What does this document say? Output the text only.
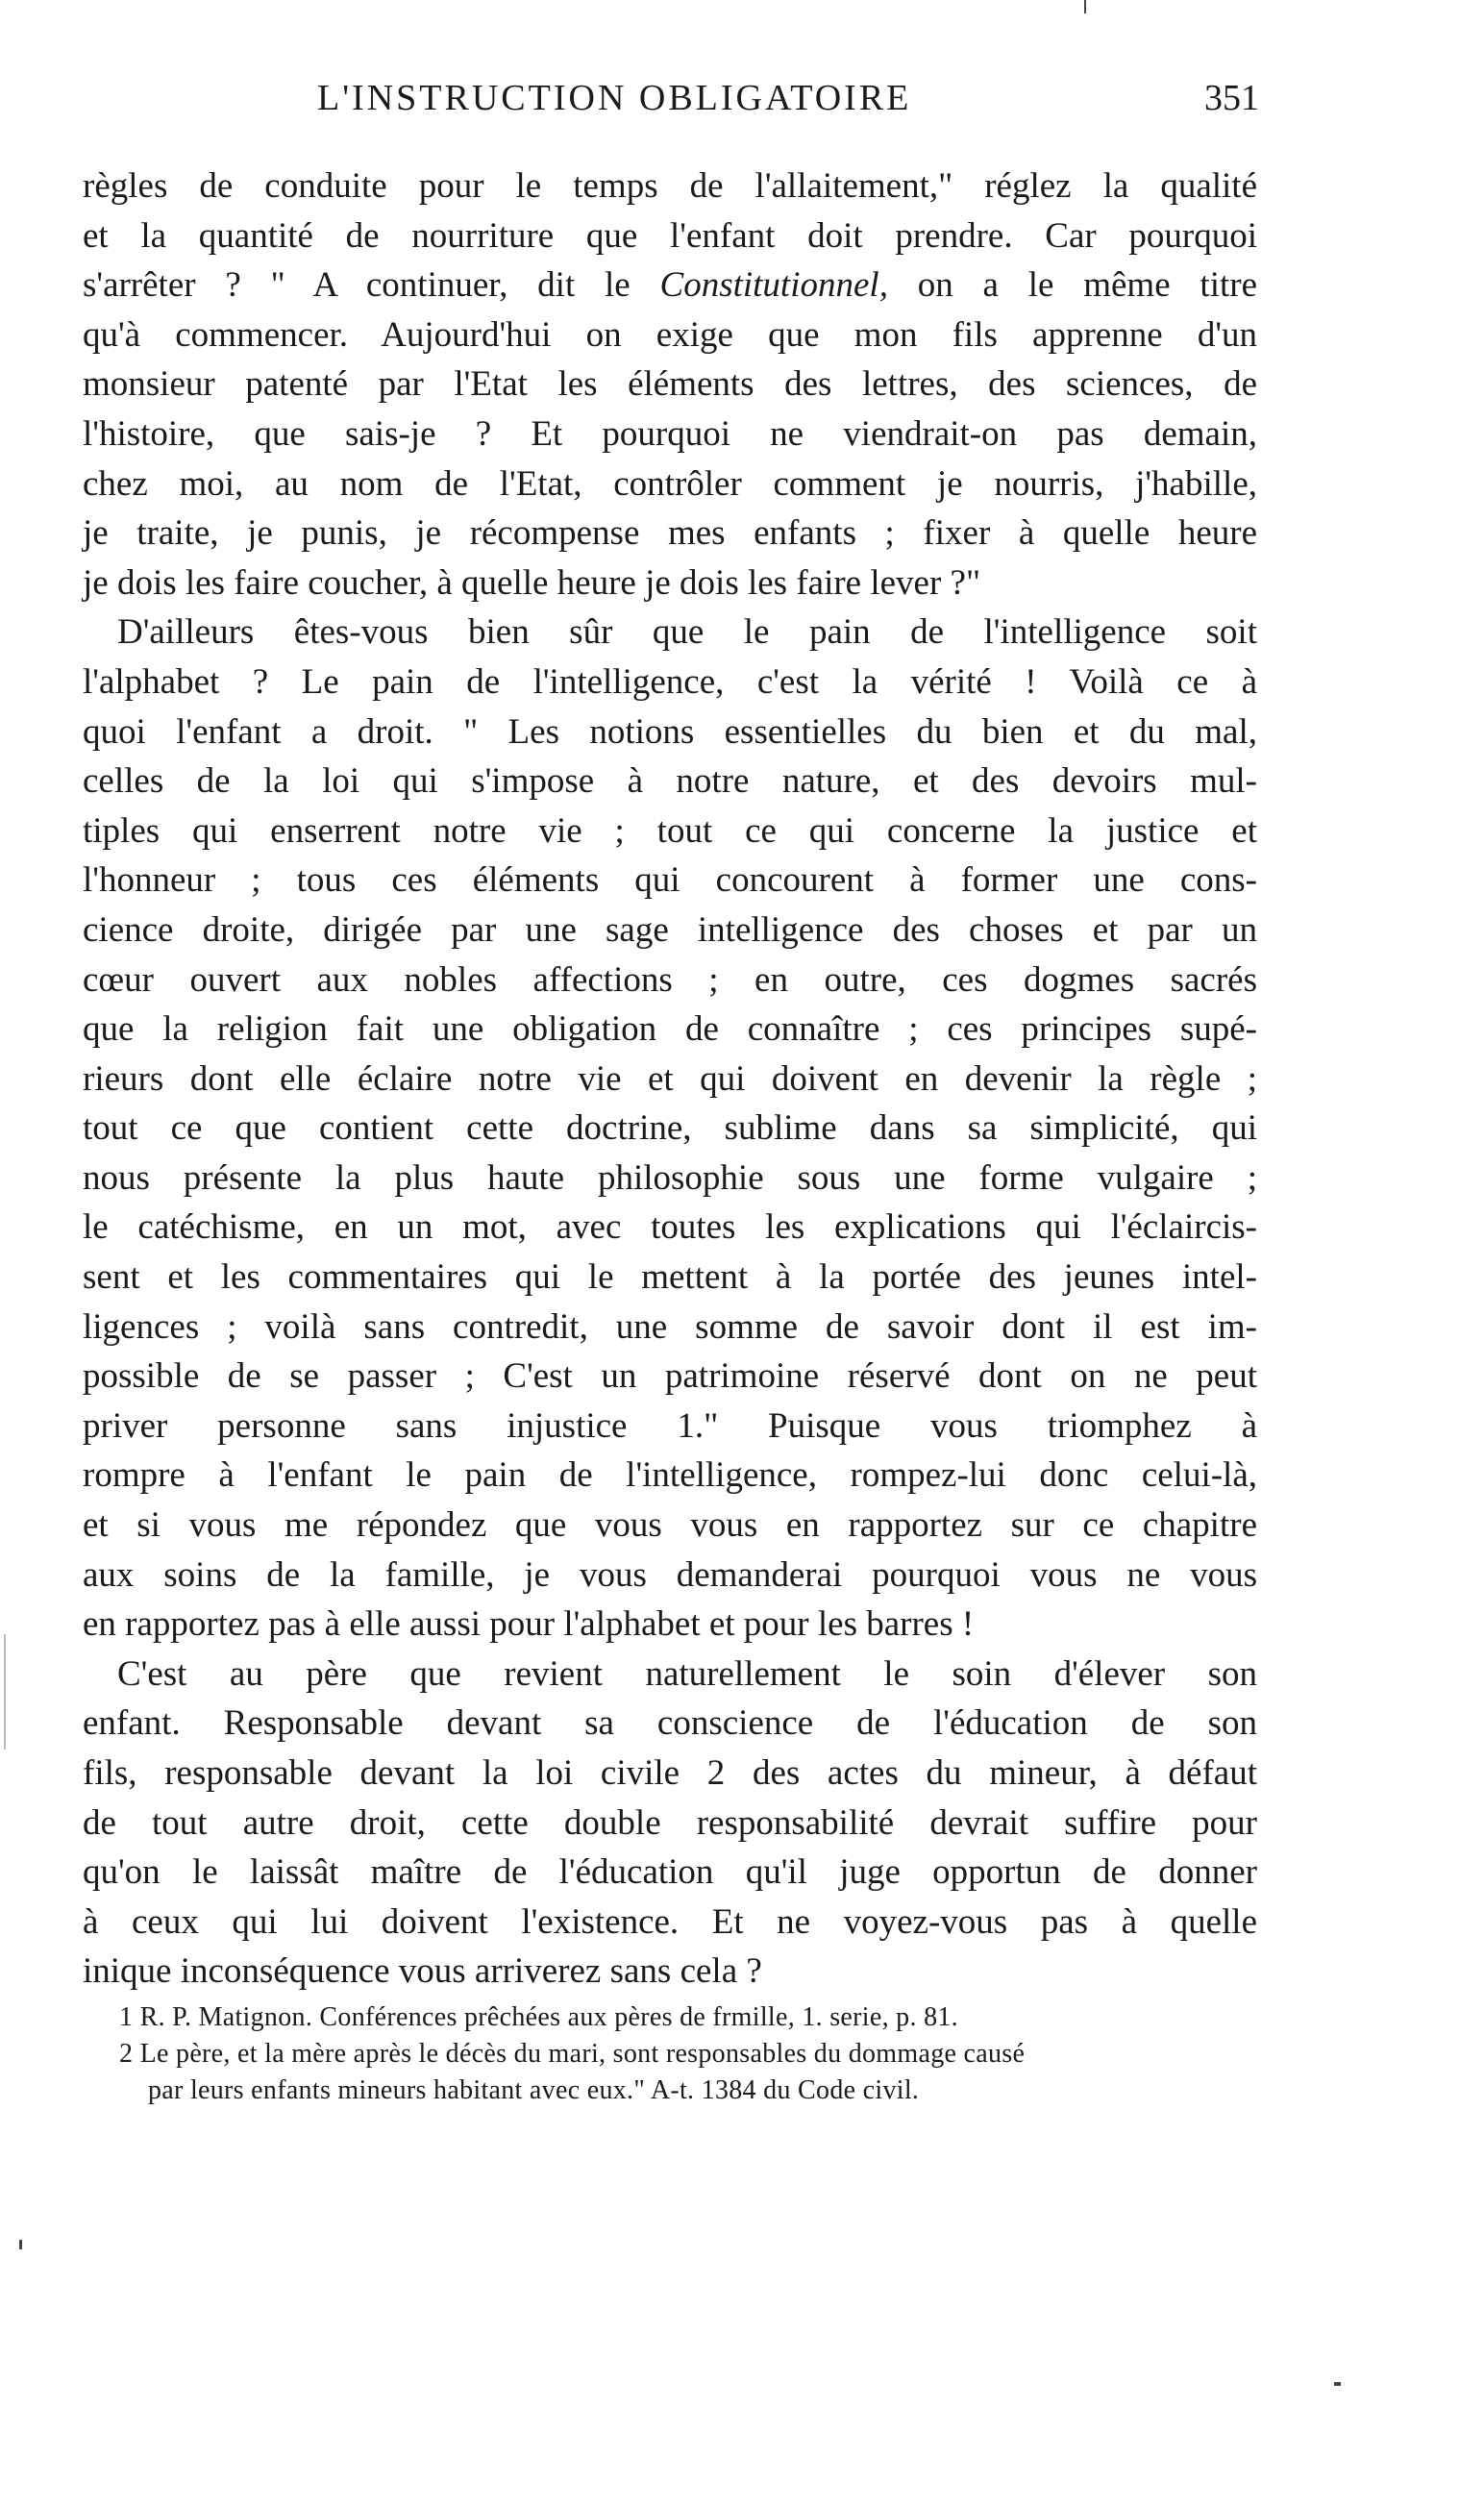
L'INSTRUCTION OBLIGATOIRE	351
règles de conduite pour le temps de l'allaitement," réglez la qualité
et la quantité de nourriture que l'enfant doit prendre. Car pourquoi
s'arrêter ? " A continuer, dit le Constitutionnel, on a le même titre
qu'à commencer. Aujourd'hui on exige que mon fils apprenne d'un
monsieur patenté par l'Etat les éléments des lettres, des sciences, de
l'histoire, que sais-je ? Et pourquoi ne viendrait-on pas demain,
chez moi, au nom de l'Etat, contrôler comment je nourris, j'habille,
je traite, je punis, je récompense mes enfants ; fixer à quelle heure
je dois les faire coucher, à quelle heure je dois les faire lever ?"
D'ailleurs êtes-vous bien sûr que le pain de l'intelligence soit
l'alphabet ? Le pain de l'intelligence, c'est la vérité ! Voilà ce à
quoi l'enfant a droit. " Les notions essentielles du bien et du mal,
celles de la loi qui s'impose à notre nature, et des devoirs mul-
tiples qui enserrent notre vie ; tout ce qui concerne la justice et
l'honneur ; tous ces éléments qui concourent à former une cons-
cience droite, dirigée par une sage intelligence des choses et par un
cœur ouvert aux nobles affections ; en outre, ces dogmes sacrés
que la religion fait une obligation de connaître ; ces principes supé-
rieurs dont elle éclaire notre vie et qui doivent en devenir la règle ;
tout ce que contient cette doctrine, sublime dans sa simplicité, qui
nous présente la plus haute philosophie sous une forme vulgaire ;
le catéchisme, en un mot, avec toutes les explications qui l'éclaircis-
sent et les commentaires qui le mettent à la portée des jeunes intel-
ligences ; voilà sans contredit, une somme de savoir dont il est im-
possible de se passer ; C'est un patrimoine réservé dont on ne peut
priver personne sans injustice 1." Puisque vous triomphez à
rompre à l'enfant le pain de l'intelligence, rompez-lui donc celui-là,
et si vous me répondez que vous vous en rapportez sur ce chapitre
aux soins de la famille, je vous demanderai pourquoi vous ne vous
en rapportez pas à elle aussi pour l'alphabet et pour les barres !
C'est au père que revient naturellement le soin d'élever son
enfant. Responsable devant sa conscience de l'éducation de son
fils, responsable devant la loi civile 2 des actes du mineur, à défaut
de tout autre droit, cette double responsabilité devrait suffire pour
qu'on le laissât maître de l'éducation qu'il juge opportun de donner
à ceux qui lui doivent l'existence. Et ne voyez-vous pas à quelle
inique inconséquence vous arriverez sans cela ?
1 R. P. Matignon. Conférences prêchées aux pères de frmille, 1. serie, p. 81.
2 Le père, et la mère après le décès du mari, sont responsables du dommage causé
par leurs enfants mineurs habitant avec eux." A-t. 1384 du Code civil.
